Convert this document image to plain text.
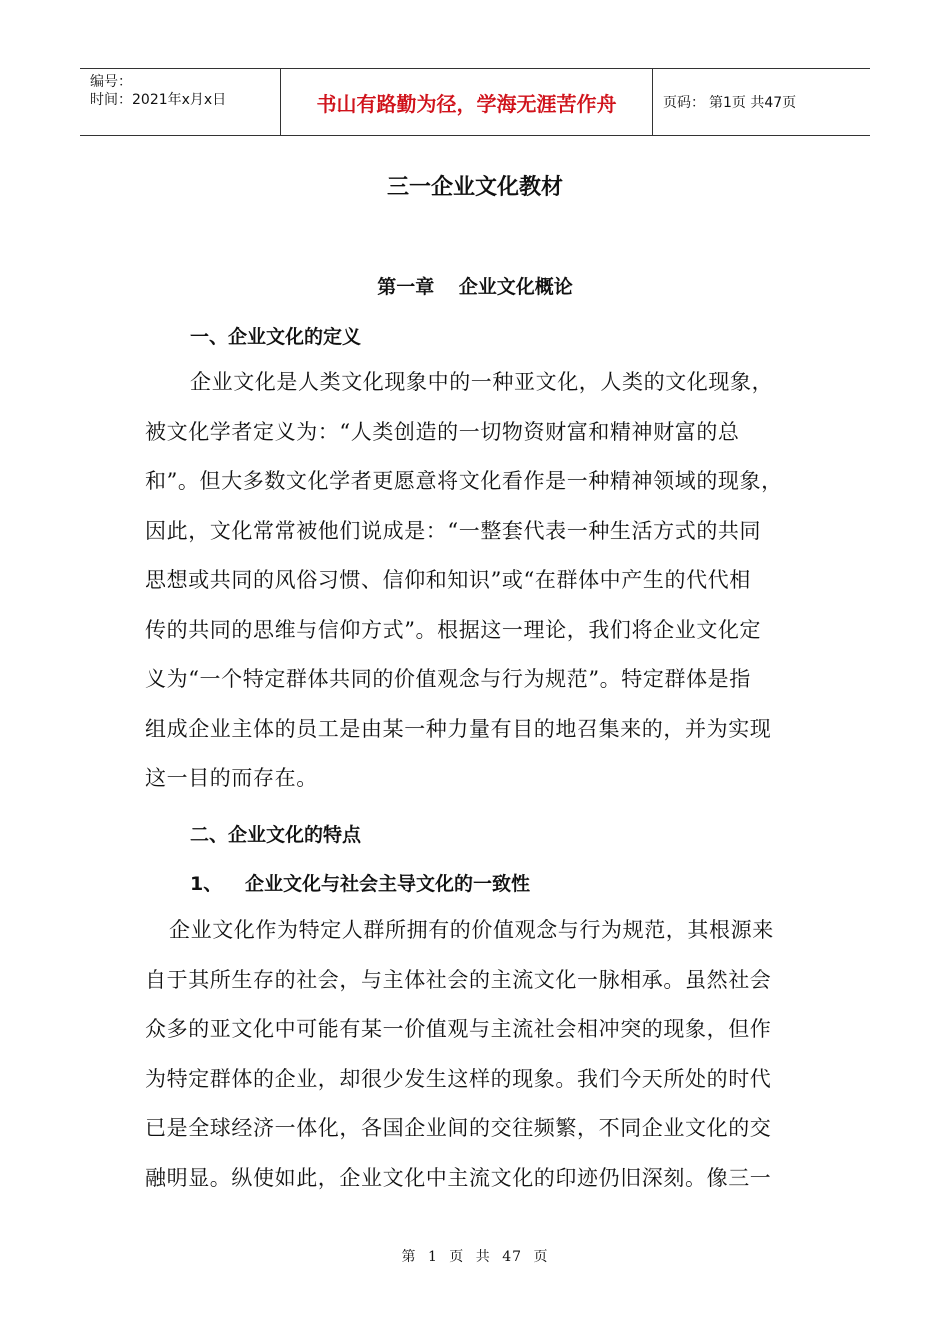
编号：
时间：2021年x月x日	书山有路勤为径，学海无涯苦作舟	页码： 第1页 共47页
三一企业文化教材
第一章 企业文化概论
一、企业文化的定义
企业文化是人类文化现象中的一种亚文化，人类的文化现象，
被文化学者定义为：“人类创造的一切物资财富和精神财富的总
和”。但大多数文化学者更愿意将文化看作是一种精神领域的现象，
因此，文化常常被他们说成是：“一整套代表一种生活方式的共同
思想或共同的风俗习惯、信仰和知识”或“在群体中产生的代代相
传的共同的思维与信仰方式”。根据这一理论，我们将企业文化定
义为“一个特定群体共同的价值观念与行为规范”。特定群体是指
组成企业主体的员工是由某一种力量有目的地召集来的，并为实现
这一目的而存在。
二、企业文化的特点
1、 企业文化与社会主导文化的一致性
企业文化作为特定人群所拥有的价值观念与行为规范，其根源来
自于其所生存的社会，与主体社会的主流文化一脉相承。虽然社会
众多的亚文化中可能有某一价值观与主流社会相冲突的现象，但作
为特定群体的企业，却很少发生这样的现象。我们今天所处的时代
已是全球经济一体化，各国企业间的交往频繁，不同企业文化的交
融明显。纵使如此，企业文化中主流文化的印迹仍旧深刻。像三一
第 1 页 共 47 页
